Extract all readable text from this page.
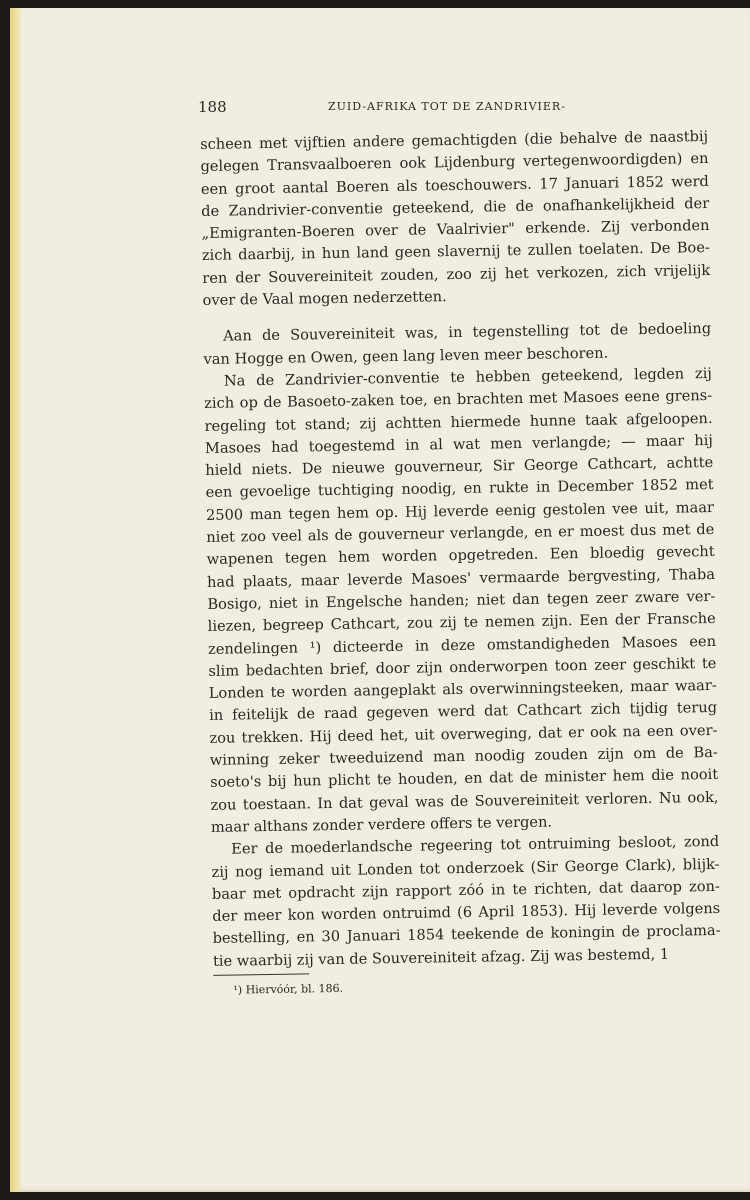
188	ZUID-AFRIKA TOT DE ZANDRIVIER-
scheen met vijftien andere gemachtigden (die behalve de naastbij
gelegen Transvaalboeren ook Lijdenburg vertegenwoordigden) en
een groot aantal Boeren als toeschouwers. 17 Januari 1852 werd
de Zandrivier-conventie geteekend, die de onafhankelijkheid der
„Emigranten-Boeren over de Vaalrivier" erkende. Zij verbonden
zich daarbij, in hun land geen slavernij te zullen toelaten. De Boe-
ren der Souvereiniteit zouden, zoo zij het verkozen, zich vrijelijk
over de Vaal mogen nederzetten.
Aan de Souvereiniteit was, in tegenstelling tot de bedoeling
van Hogge en Owen, geen lang leven meer beschoren.
Na de Zandrivier-conventie te hebben geteekend, legden zij
zich op de Basoeto-zaken toe, en brachten met Masoes eene grens-
regeling tot stand; zij achtten hiermede hunne taak afgeloopen.
Masoes had toegestemd in al wat men verlangde; — maar hij
hield niets. De nieuwe gouverneur, Sir George Cathcart, achtte
een gevoelige tuchtiging noodig, en rukte in December 1852 met
2500 man tegen hem op. Hij leverde eenig gestolen vee uit, maar
niet zoo veel als de gouverneur verlangde, en er moest dus met de
wapenen tegen hem worden opgetreden. Een bloedig gevecht
had plaats, maar leverde Masoes' vermaarde bergvesting, Thaba
Bosigo, niet in Engelsche handen; niet dan tegen zeer zware ver-
liezen, begreep Cathcart, zou zij te nemen zijn. Een der Fransche
zendelingen ¹) dicteerde in deze omstandigheden Masoes een
slim bedachten brief, door zijn onderworpen toon zeer geschikt te
Londen te worden aangeplakt als overwinningsteeken, maar waar-
in feitelijk de raad gegeven werd dat Cathcart zich tijdig terug
zou trekken. Hij deed het, uit overweging, dat er ook na een over-
winning zeker tweeduizend man noodig zouden zijn om de Ba-
soeto's bij hun plicht te houden, en dat de minister hem die nooit
zou toestaan. In dat geval was de Souvereiniteit verloren. Nu ook,
maar althans zonder verdere offers te vergen.
Eer de moederlandsche regeering tot ontruiming besloot, zond
zij nog iemand uit Londen tot onderzoek (Sir George Clark), blijk-
baar met opdracht zijn rapport zóó in te richten, dat daarop zon-
der meer kon worden ontruimd (6 April 1853). Hij leverde volgens
bestelling, en 30 Januari 1854 teekende de koningin de proclama-
tie waarbij zij van de Souvereiniteit afzag. Zij was bestemd, 1
¹) Hiervóór, bl. 186.
